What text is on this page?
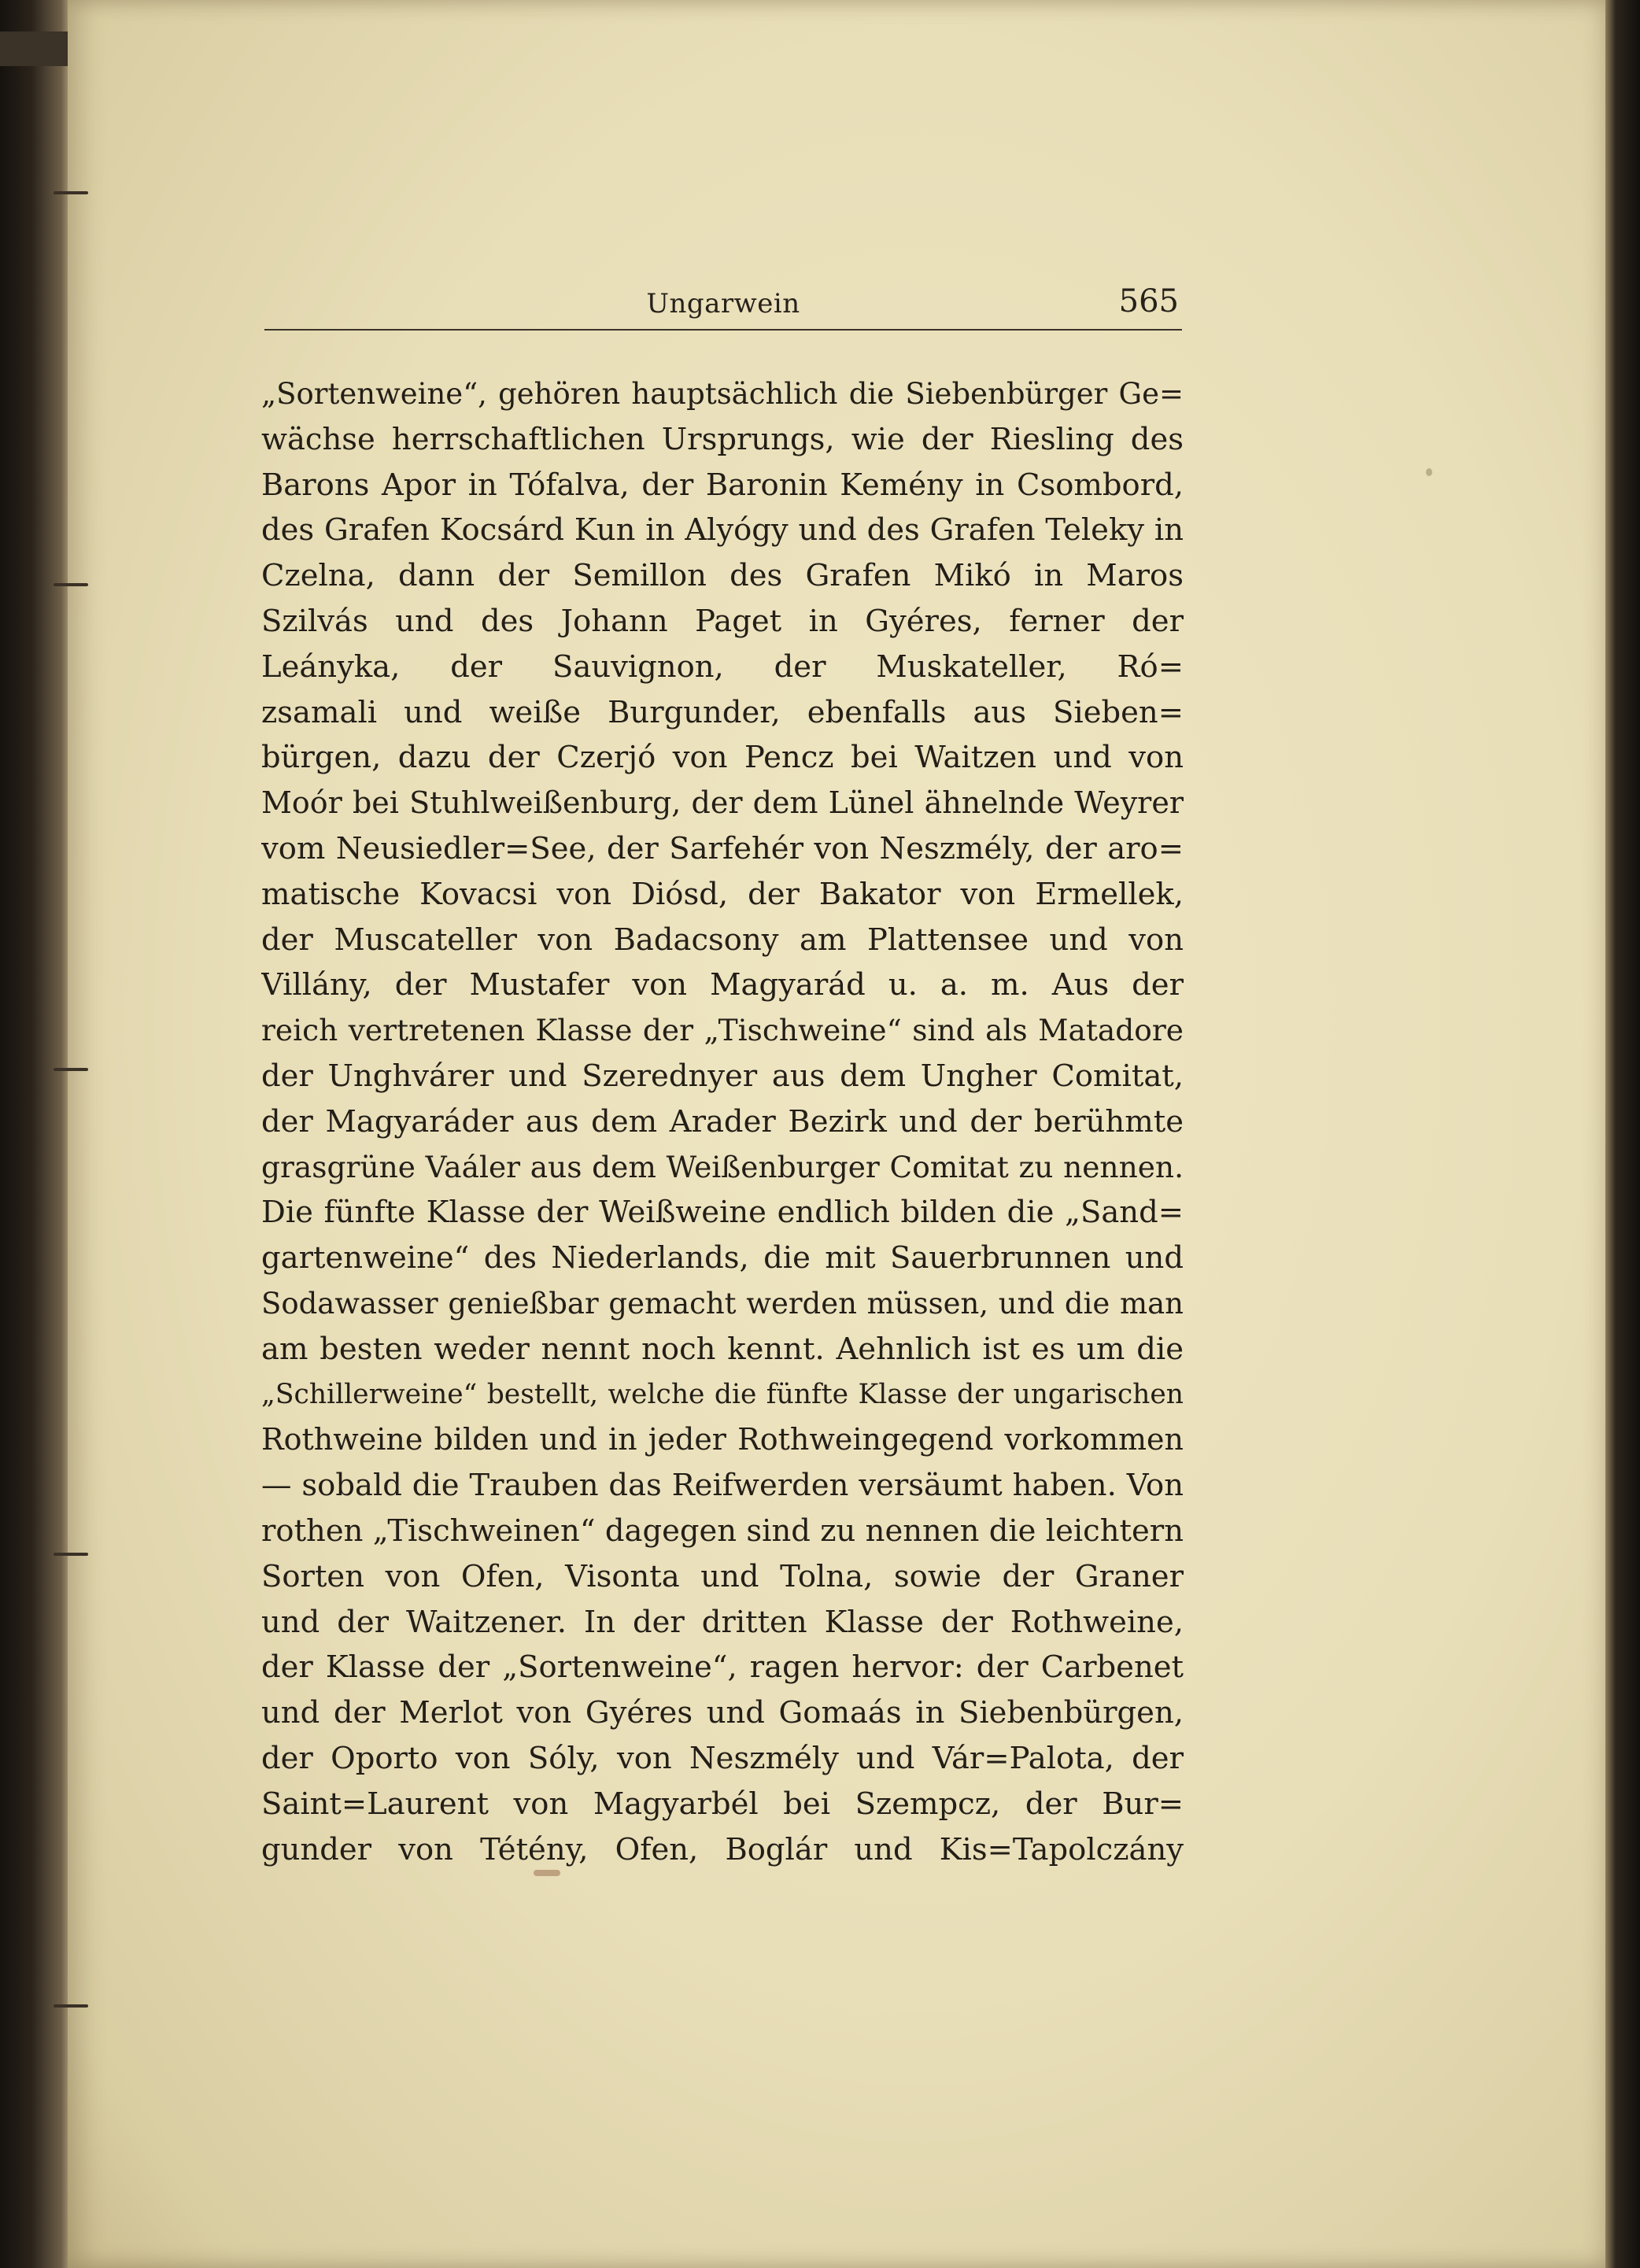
Ungarwein	565
„Sortenweine“, gehören hauptsächlich die Siebenbürger Ge=
wächse herrschaftlichen Ursprungs, wie der Riesling des
Barons Apor in Tófalva, der Baronin Kemény in Csombord,
des Grafen Kocsárd Kun in Alyógy und des Grafen Teleky in
Czelna, dann der Semillon des Grafen Mikó in Maros
Szilvás und des Johann Paget in Gyéres, ferner der
Leányka, der Sauvignon, der Muskateller, Ró=
zsamali und weiße Burgunder, ebenfalls aus Sieben=
bürgen, dazu der Czerjó von Pencz bei Waitzen und von
Moór bei Stuhlweißenburg, der dem Lünel ähnelnde Weyrer
vom Neusiedler=See, der Sarfehér von Neszmély, der aro=
matische Kovacsi von Diósd, der Bakator von Ermellek,
der Muscateller von Badacsony am Plattensee und von
Villány, der Mustafer von Magyarád u. a. m. Aus der
reich vertretenen Klasse der „Tischweine“ sind als Matadore
der Unghvárer und Szerednyer aus dem Ungher Comitat,
der Magyaráder aus dem Arader Bezirk und der berühmte
grasgrüne Vaáler aus dem Weißenburger Comitat zu nennen.
Die fünfte Klasse der Weißweine endlich bilden die „Sand=
gartenweine“ des Niederlands, die mit Sauerbrunnen und
Sodawasser genießbar gemacht werden müssen, und die man
am besten weder nennt noch kennt. Aehnlich ist es um die
„Schillerweine“ bestellt, welche die fünfte Klasse der ungarischen
Rothweine bilden und in jeder Rothweingegend vorkommen
— sobald die Trauben das Reifwerden versäumt haben. Von
rothen „Tischweinen“ dagegen sind zu nennen die leichtern
Sorten von Ofen, Visonta und Tolna, sowie der Graner
und der Waitzener. In der dritten Klasse der Rothweine,
der Klasse der „Sortenweine“, ragen hervor: der Carbenet
und der Merlot von Gyéres und Gomaás in Siebenbürgen,
der Oporto von Sóly, von Neszmély und Vár=Palota, der
Saint=Laurent von Magyarbél bei Szempcz, der Bur=
gunder von Tétény, Ofen, Boglár und Kis=Tapolczány
